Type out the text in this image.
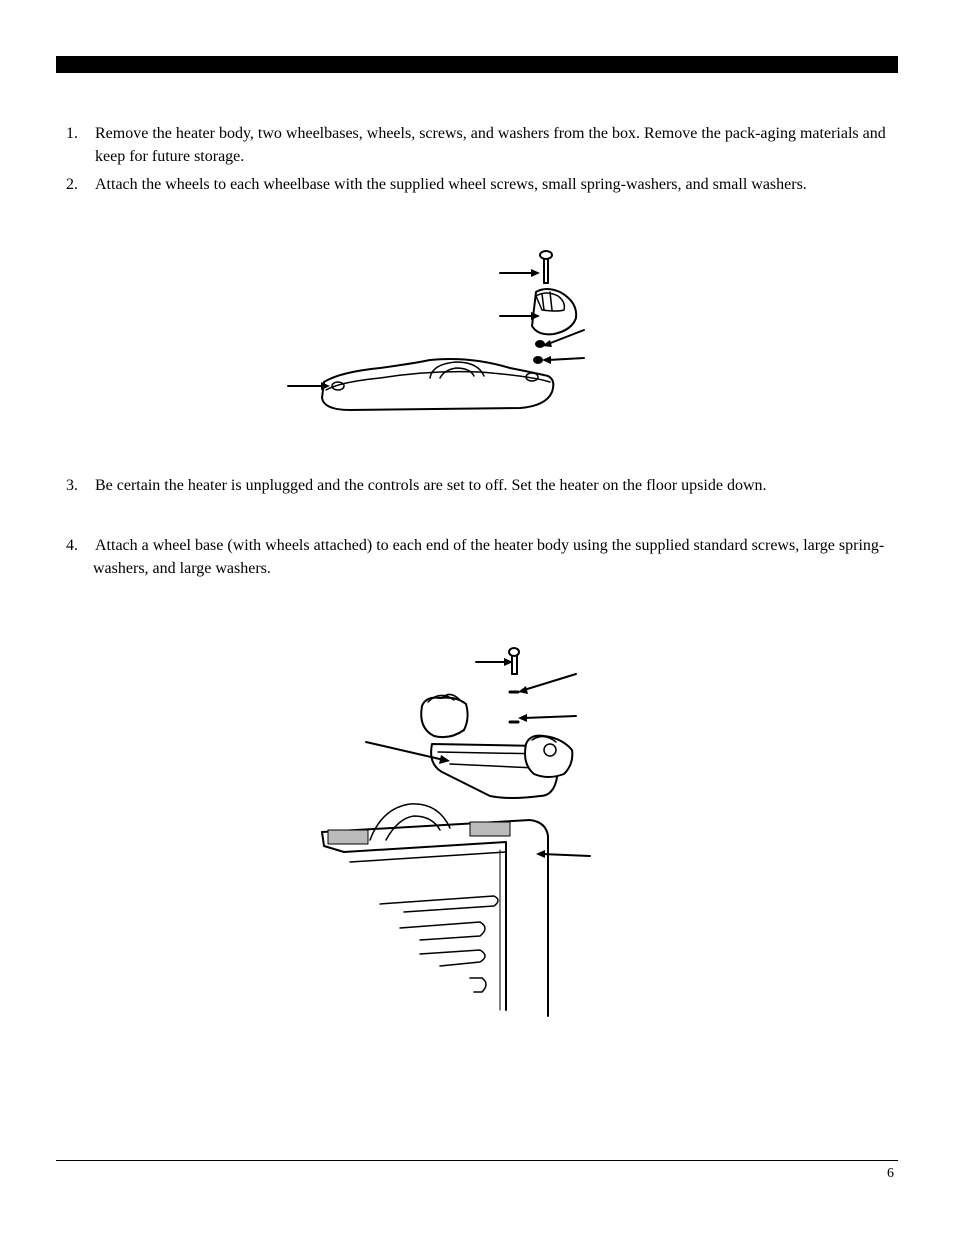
1.	Remove the heater body, two wheelbases, wheels, screws, and washers from the box. Remove the pack-aging materials and keep for future storage.
2.	Attach the wheels to each wheelbase with the supplied wheel screws, small spring-washers, and small washers.
3.	Be certain the heater is unplugged and the controls are set to off. Set the heater on the floor upside down.
4.	Attach a wheel base (with wheels attached) to each end of the heater body using the supplied standard screws, large spring-washers, and large washers.
6
